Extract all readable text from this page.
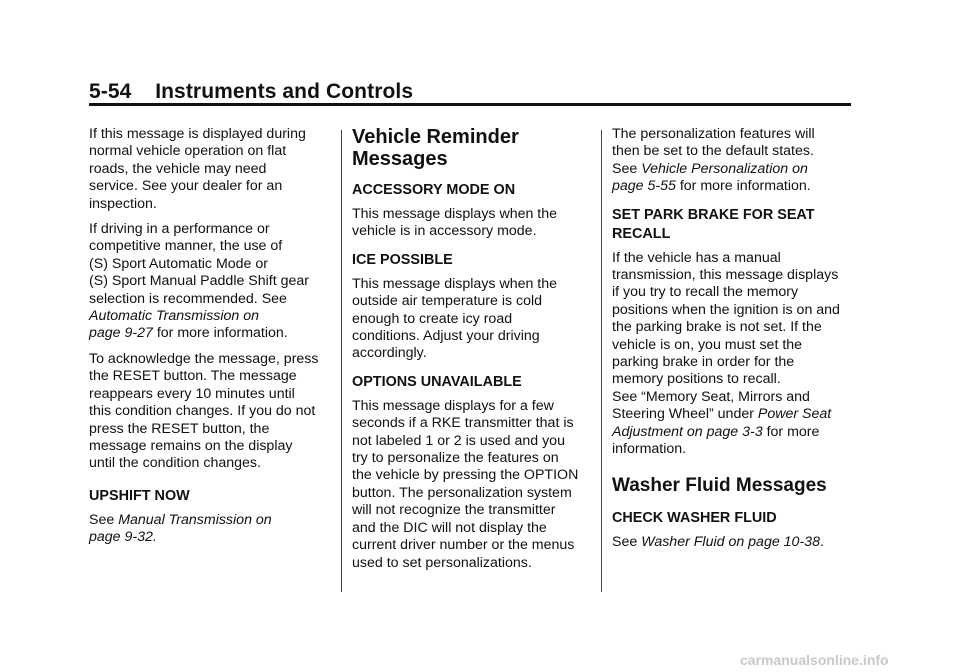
5-54 Instruments and Controls

If this message is displayed during
normal vehicle operation on flat
roads, the vehicle may need
service. See your dealer for an
inspection.

If driving in a performance or
competitive manner, the use of
(S) Sport Automatic Mode or
(S) Sport Manual Paddle Shift gear
selection is recommended. See
Automatic Transmission on
page 9-27 for more information.

To acknowledge the message, press
the RESET button. The message
reappears every 10 minutes until
this condition changes. If you do not
press the RESET button, the
message remains on the display
until the condition changes.

UPSHIFT NOW

See Manual Transmission on
page 9-32.

Vehicle Reminder
Messages
ACCESSORY MODE ON

This message displays when the
vehicle is in accessory mode.

ICE POSSIBLE

This message displays when the
outside air temperature is cold
enough to create icy road
conditions. Adjust your driving
accordingly.

OPTIONS UNAVAILABLE

This message displays for a few
seconds if a RKE transmitter that is
not labeled 1 or 2 is used and you
try to personalize the features on
the vehicle by pressing the OPTION
button. The personalization system
will not recognize the transmitter
and the DIC will not display the
current driver number or the menus
used to set personalizations.

The personalization features will
then be set to the default states.
See Vehicle Personalization on
page 5-55 for more information.

SET PARK BRAKE FOR SEAT
RECALL

If the vehicle has a manual
transmission, this message displays
if you try to recall the memory
positions when the ignition is on and
the parking brake is not set. If the
vehicle is on, you must set the
parking brake in order for the
memory positions to recall.
See “Memory Seat, Mirrors and
Steering Wheel” under Power Seat
Adjustment on page 3-3 for more
information.

Washer Fluid Messages
CHECK WASHER FLUID

See Washer Fluid on page 10-38.

carmanualsonline.info
